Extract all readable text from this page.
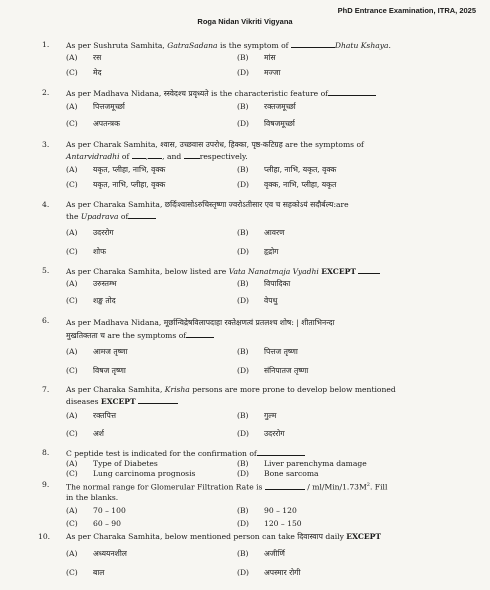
PhD Entrance Examination, ITRA, 2025
Roga Nidan Vikriti Vigyana
1. As per Sushruta Samhita, GatraSadana is the symptom of	Dhatu Kshaya.
(A) रस	(B) मांस
(C) मेद	(D) मज्जा
2. As per Madhava Nidana, स्स्वेदश्च प्रवृध्यते is the characteristic feature of
(A) पित्तजमूर्च्छा	(B) रक्तजमूर्च्छा
(C) अपतन्त्रक	(D) विषजमूर्च्छा
3. As per Charak Samhita, श्वास, उच्छवास उपरोध, हिक्का, पृष्ठ-कटिग्रह are the symptoms of
Antarvidradhi of , , and respectively.
(A) यकृत, प्लीहा, नाभि, वृक्क	(B) प्लीहा, नाभि, यकृत, वृक्क
(C) यकृत, नाभि, प्लीहा, वृक्क	(D) वृक्क, नाभि, प्लीहा, यकृत
4. As per Charaka Samhita, छर्दिःश्वासोऽरुचिस्तृष्णा ज्वरोऽतीसार एव च सहकोऽयं सदौर्बल्य:are
the Upadrava of
(A) उदररोग	(B) आवरण
(C) शोफ	(D) हृद्रोग
5. As per Charaka Samhita, below listed are Vata Nanatmaja Vyadhi EXCEPT
(A) उरुस्तम्भ	(B) विपादिका
(C) शङ्ख तोद	(D) वेपथु
6. As per Madhava Nidana, मूर्छान्विद्रेषविलापदाहा रक्तेक्षणत्वं प्रतलश्च शोष: | शीताभिनन्दा
मुखतिक्तता च are the symptoms of
(A) आमज तृष्णा	(B) पित्तज तृष्णा
(C) विषज तृष्णा	(D) संनिपातज तृष्णा
7. As per Charaka Samhita, Krisha persons are more prone to develop below mentioned
diseases EXCEPT
(A) रक्तपित्त	(B) गुल्म
(C) अर्श	(D) उदररोग
8. C peptide test is indicated for the confirmation of
(A) Type of Diabetes	(B) Liver parenchyma damage
(C) Lung carcinoma prognosis	(D) Bone sarcoma
9. The normal range for Glomerular Filtration Rate is	/ $ml/Min/1.73M^2$. Fill
in the blanks.
(A) 70 – 100	(B) 90 – 120
(C) 60 – 90	(D) 120 – 150
10. As per Charaka Samhita, below mentioned person can take दिवास्वाप daily EXCEPT
(A) अध्ययनशील	(B) अजीर्णि
(C) बाल	(D) अपस्मार रोगी
